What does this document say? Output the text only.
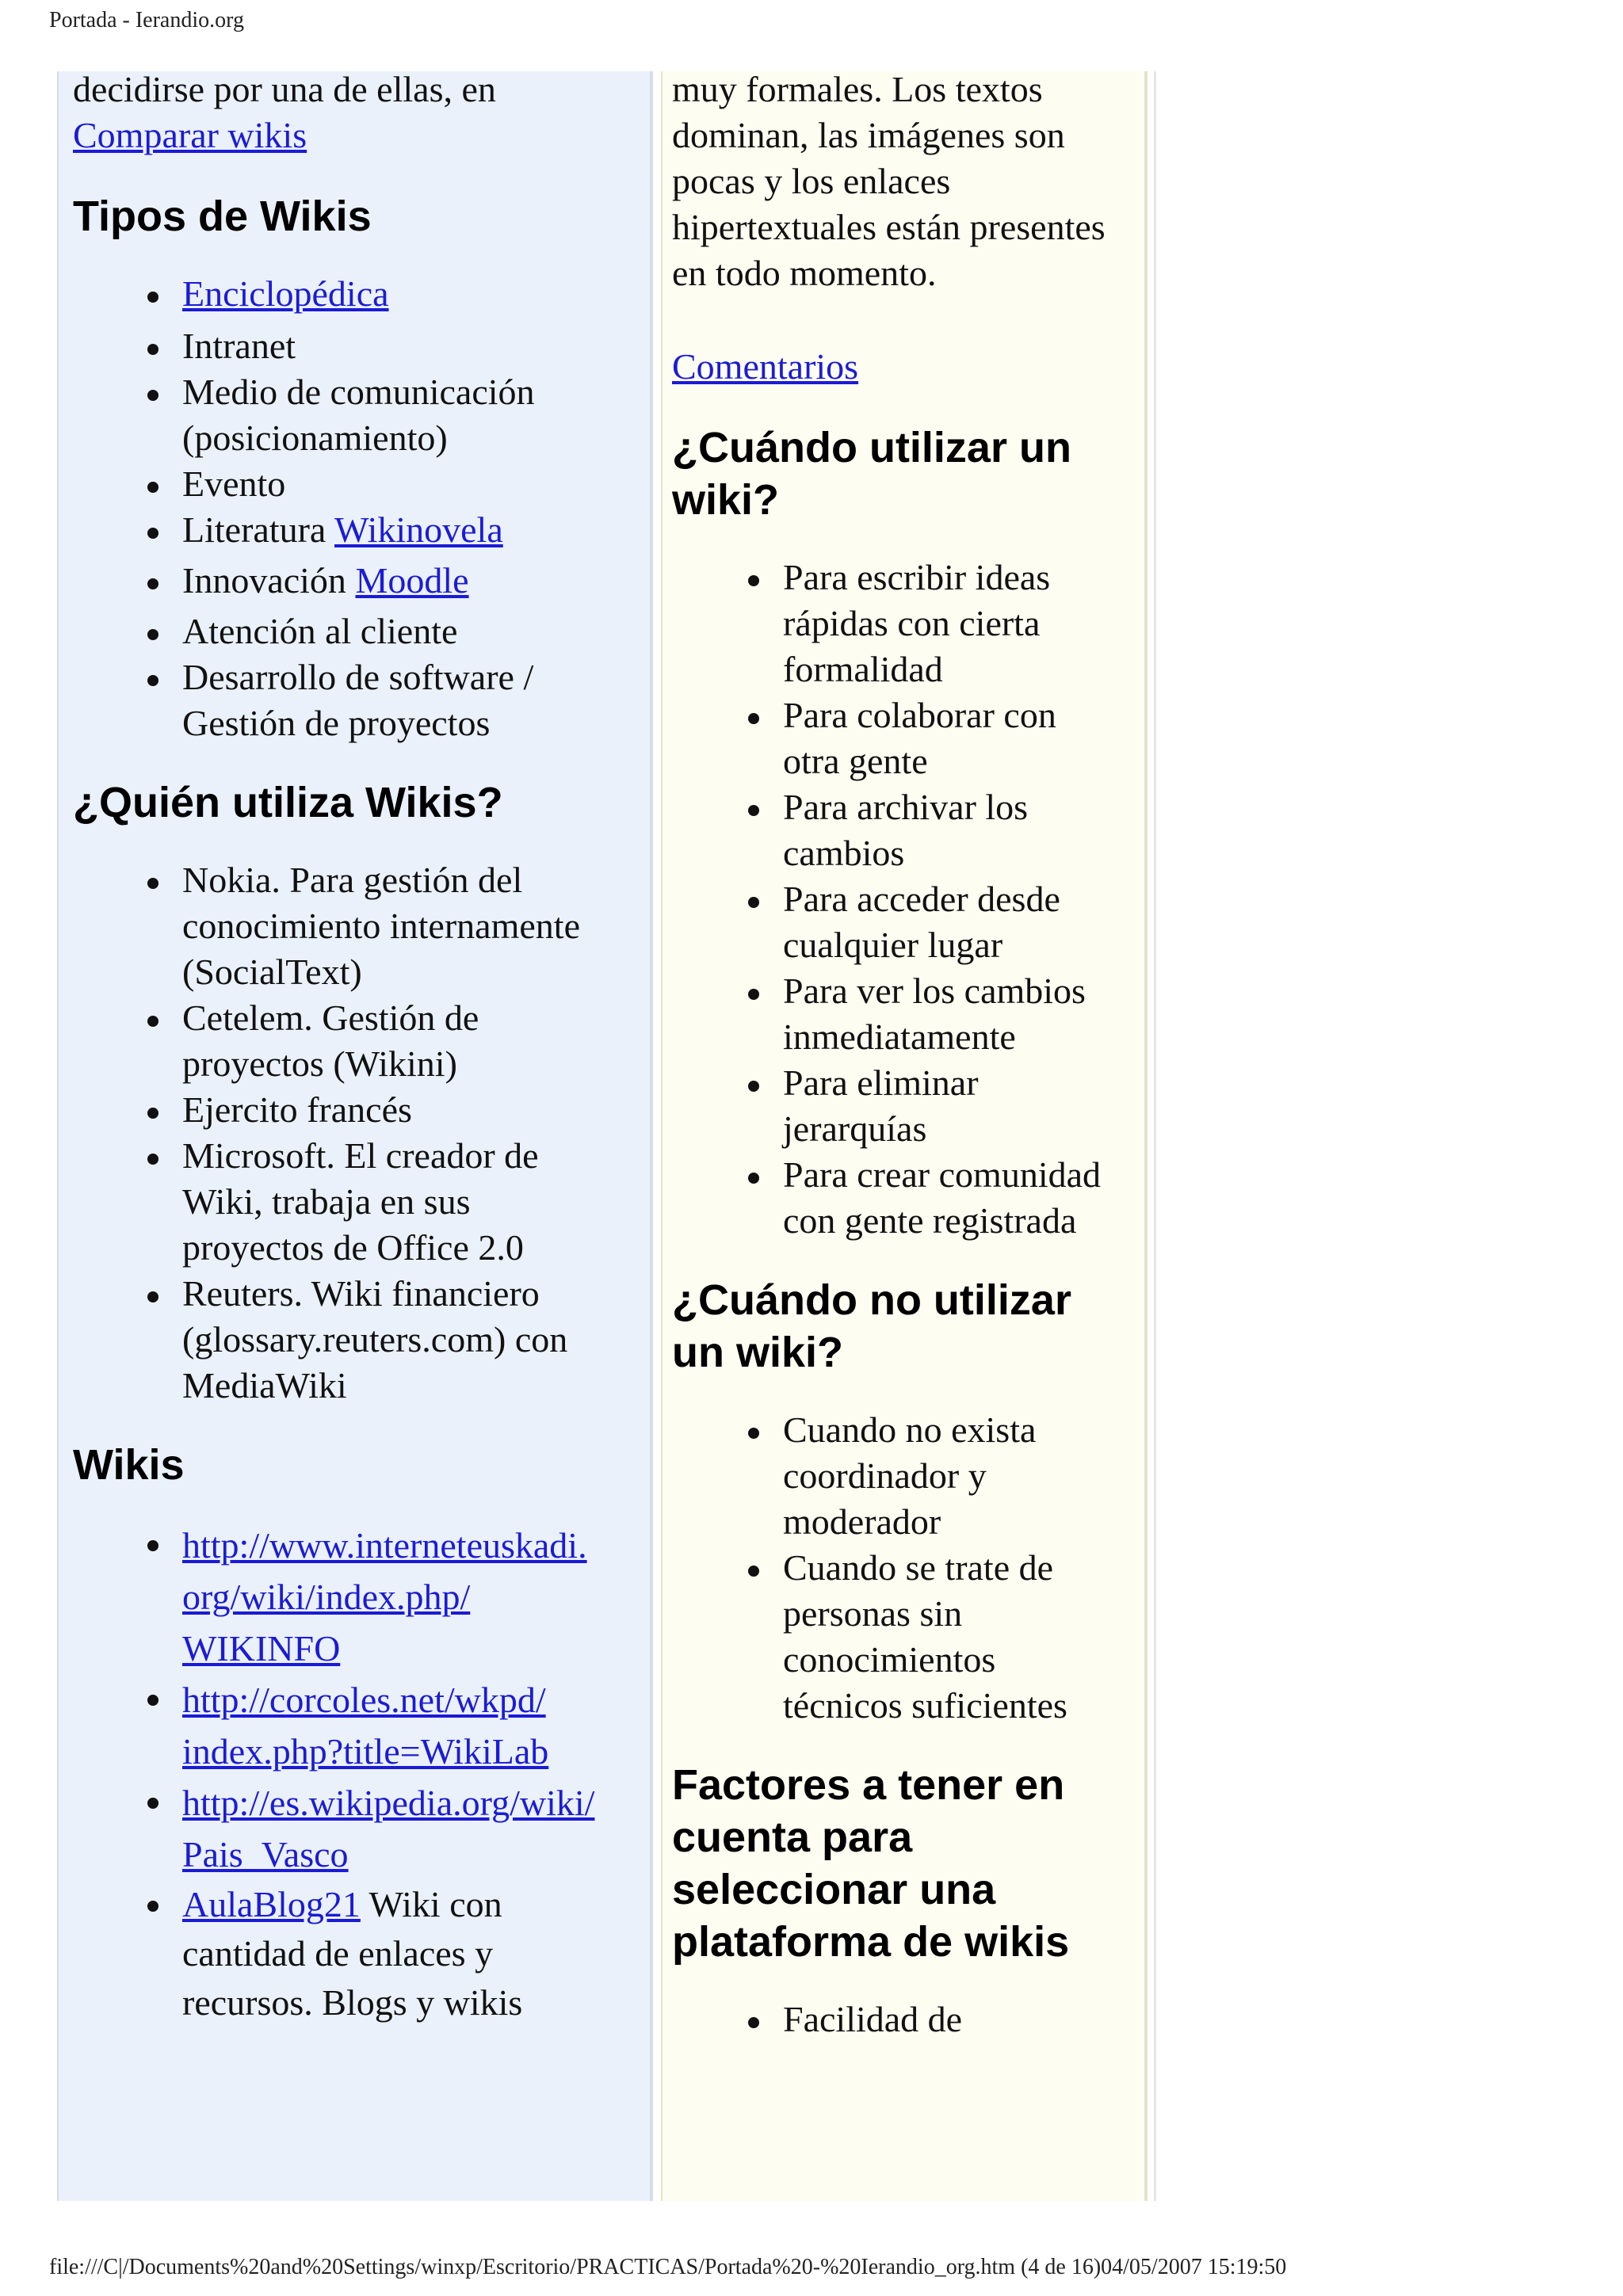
Portada - Ierandio.org

decidirse por una de ellas, en
Comparar wikis

Tipos de Wikis
Enciclopédica
Intranet
Medio de comunicación (posicionamiento)
Evento
Literatura Wikinovela
Innovación Moodle
Atención al cliente
Desarrollo de software / Gestión de proyectos
¿Quién utiliza Wikis?
Nokia. Para gestión del conocimiento internamente (SocialText)
Cetelem. Gestión de proyectos (Wikini)
Ejercito francés
Microsoft. El creador de Wiki, trabaja en sus proyectos de Office 2.0
Reuters. Wiki financiero (glossary.reuters.com) con MediaWiki
Wikis
http://www.interneteuskadi.
org/wiki/index.php/
WIKINFO
http://corcoles.net/wkpd/
index.php?title=WikiLab
http://es.wikipedia.org/wiki/
Pais_Vasco
AulaBlog21 Wiki con cantidad de enlaces y recursos. Blogs y wikis

muy formales. Los textos dominan, las imágenes son pocas y los enlaces hipertextuales están presentes en todo momento.

Comentarios

¿Cuándo utilizar un wiki?
Para escribir ideas rápidas con cierta formalidad
Para colaborar con otra gente
Para archivar los cambios
Para acceder desde cualquier lugar
Para ver los cambios inmediatamente
Para eliminar jerarquías
Para crear comunidad con gente registrada
¿Cuándo no utilizar un wiki?
Cuando no exista coordinador y moderador
Cuando se trate de personas sin conocimientos técnicos suficientes
Factores a tener en cuenta para seleccionar una plataforma de wikis
Facilidad de
file:///C|/Documents%20and%20Settings/winxp/Escritorio/PRACTICAS/Portada%20-%20Ierandio_org.htm (4 de 16)04/05/2007 15:19:50
